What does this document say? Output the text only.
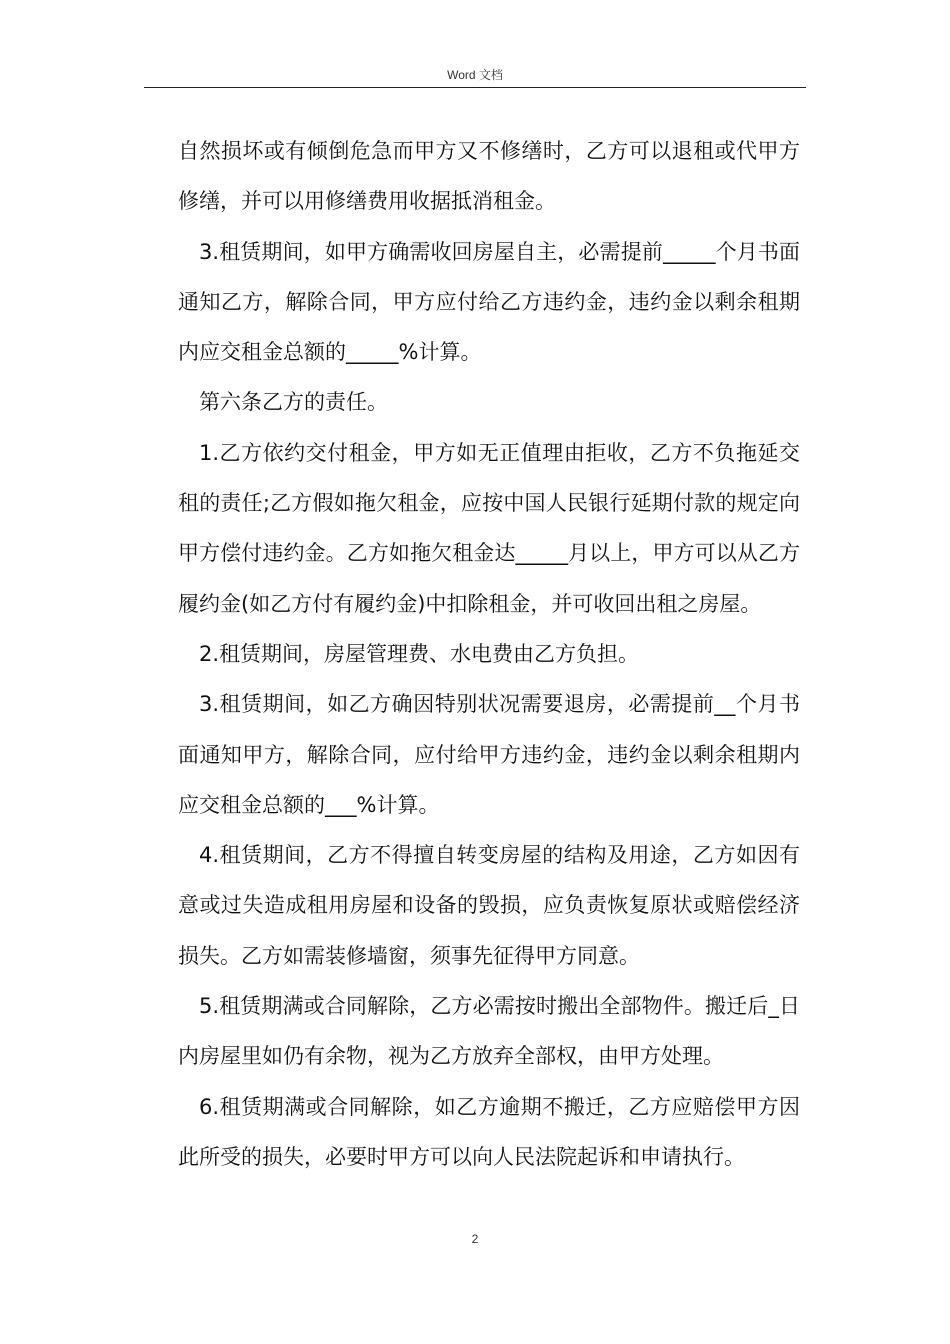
Word 文档

自然损坏或有倾倒危急而甲方又不修缮时，乙方可以退租或代甲方修缮，并可以用修缮费用收据抵消租金。

3.租赁期间，如甲方确需收回房屋自主，必需提前_____个月书面通知乙方，解除合同，甲方应付给乙方违约金，违约金以剩余租期内应交租金总额的_____%计算。

第六条乙方的责任。

1.乙方依约交付租金，甲方如无正值理由拒收，乙方不负拖延交租的责任;乙方假如拖欠租金，应按中国人民银行延期付款的规定向甲方偿付违约金。乙方如拖欠租金达_____月以上，甲方可以从乙方履约金(如乙方付有履约金)中扣除租金，并可收回出租之房屋。

2.租赁期间，房屋管理费、水电费由乙方负担。

3.租赁期间，如乙方确因特别状况需要退房，必需提前__个月书面通知甲方，解除合同，应付给甲方违约金，违约金以剩余租期内应交租金总额的___%计算。

4.租赁期间，乙方不得擅自转变房屋的结构及用途，乙方如因有意或过失造成租用房屋和设备的毁损，应负责恢复原状或赔偿经济损失。乙方如需装修墙窗，须事先征得甲方同意。

5.租赁期满或合同解除，乙方必需按时搬出全部物件。搬迁后_日内房屋里如仍有余物，视为乙方放弃全部权，由甲方处理。

6.租赁期满或合同解除，如乙方逾期不搬迁，乙方应赔偿甲方因此所受的损失，必要时甲方可以向人民法院起诉和申请执行。

2
